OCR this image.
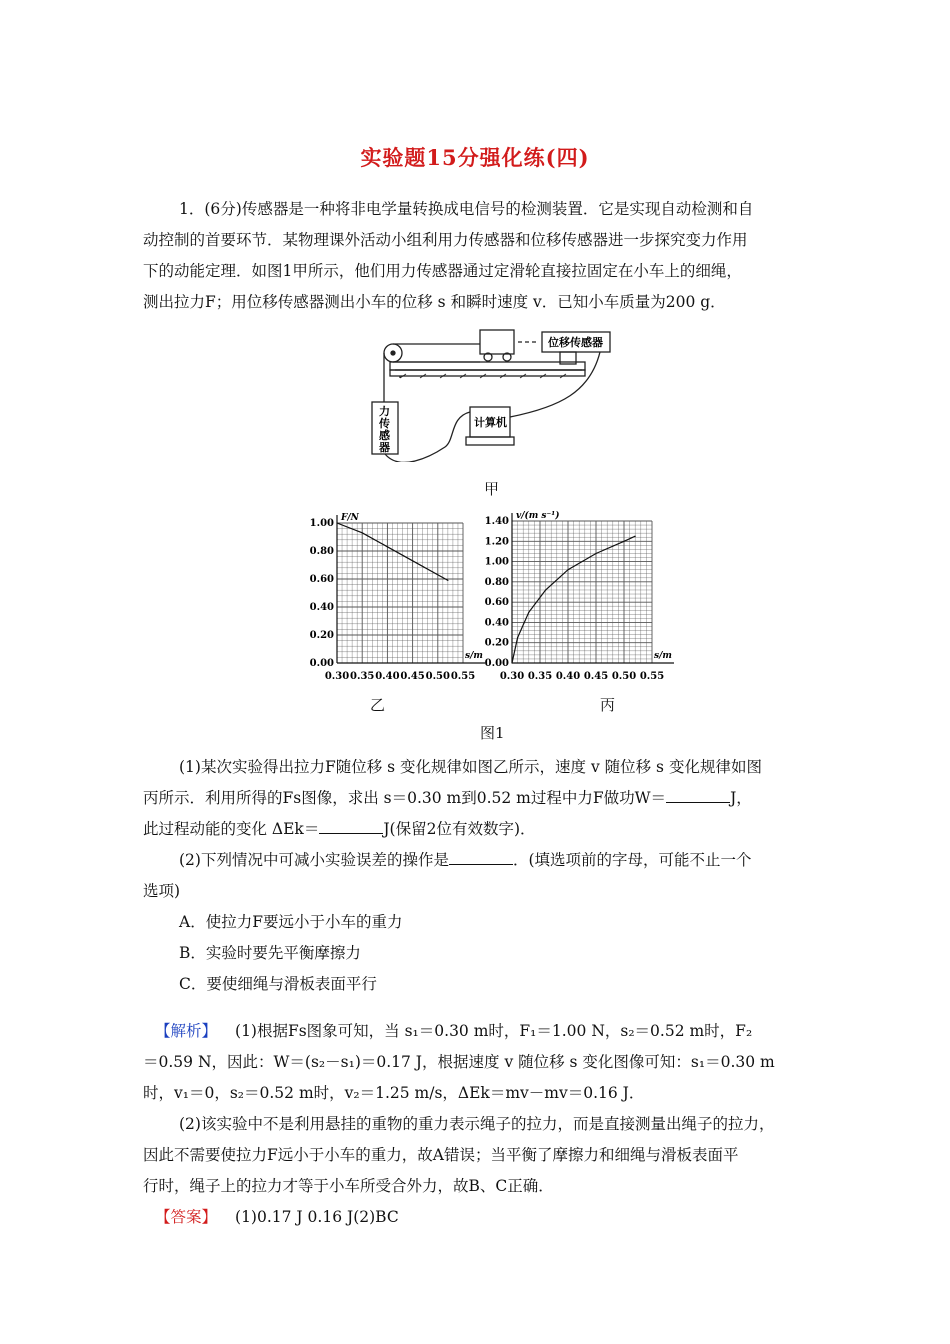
实验题15分强化练(四)
1．(6分)传感器是一种将非电学量转换成电信号的检测装置．它是实现自动检测和自
动控制的首要环节．某物理课外活动小组利用力传感器和位移传感器进一步探究变力作用
下的动能定理．如图1甲所示，他们用力传感器通过定滑轮直接拉固定在小车上的细绳，
测出拉力F；用位移传感器测出小车的位移 s 和瞬时速度 v．已知小车质量为200 g．
位移传感器
计算机
力
传
感
器
甲
0.30 0.35 0.40 0.45 0.50 0.55
0.00
0.20
0.40
0.60
0.80
1.00
s/m
F/N
0.30 0.35 0.40 0.45 0.50 0.55
0.00
0.20
0.40
0.60
0.80
1.00
1.20
1.40
s/m
v/(m s⁻¹)
乙	丙
图1
(1)某次实验得出拉力F随位移 s 变化规律如图乙所示，速度 v 随位移 s 变化规律如图
丙所示．利用所得的Fs图像，求出 s＝0.30 m到0.52 m过程中力F做功W＝	J，
此过程动能的变化 ΔEk＝	J(保留2位有效数字)．
(2)下列情况中可减小实验误差的操作是	．(填选项前的字母，可能不止一个
选项)
A．使拉力F要远小于小车的重力
B．实验时要先平衡摩擦力
C．要使细绳与滑板表面平行
【解析】 (1)根据Fs图象可知，当 s₁＝0.30 m时，F₁＝1.00 N，s₂＝0.52 m时，F₂
＝0.59 N，因此：W＝(s₂－s₁)＝0.17 J，根据速度 v 随位移 s 变化图像可知：s₁＝0.30 m
时，v₁＝0，s₂＝0.52 m时，v₂＝1.25 m/s，ΔEk＝mv－mv＝0.16 J．
(2)该实验中不是利用悬挂的重物的重力表示绳子的拉力，而是直接测量出绳子的拉力，
因此不需要使拉力F远小于小车的重力，故A错误；当平衡了摩擦力和细绳与滑板表面平
行时，绳子上的拉力才等于小车所受合外力，故B、C正确．
【答案】 (1)0.17 J 0.16 J(2)BC
